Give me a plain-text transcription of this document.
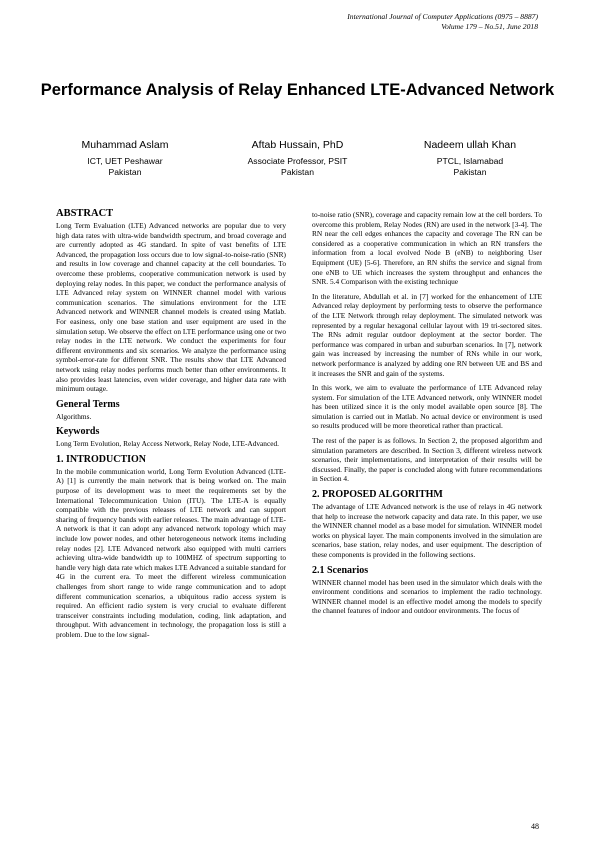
International Journal of Computer Applications (0975 – 8887)
Volume 179 – No.51, June 2018
Performance Analysis of Relay Enhanced LTE-Advanced Network
Muhammad Aslam
ICT, UET Peshawar
Pakistan
Aftab Hussain, PhD
Associate Professor, PSIT
Pakistan
Nadeem ullah Khan
PTCL, Islamabad
Pakistan
ABSTRACT

Long Term Evaluation (LTE) Advanced networks are popular due to very high data rates with ultra-wide bandwidth spectrum, and broad coverage and are currently adopted as 4G standard. In spite of vast benefits of LTE Advanced, the propagation loss occurs due to low signal-to-noise-ratio (SNR) and results in low coverage and channel capacity at the cell boundaries. To overcome these problems, cooperative communication network is used by deploying relay nodes. In this paper, we conduct the performance analysis of LTE Advanced relay system on WINNER channel model with various communication scenarios. The simulations environment for the LTE Advanced network and WINNER channel models is created using Matlab. For easiness, only one base station and user equipment are used in the simulation setup. We observe the effect on LTE performance using one or two relay nodes in the LTE network. We conduct the experiments for four different environments and six scenarios. We analyze the performance using symbol-error-rate for different SNR. The results show that LTE Advanced network using relay nodes performs much better than other environments. It also provides least latencies, even wider coverage, and higher data rate with minimum outage.

General Terms

Algorithms.

Keywords

Long Term Evolution, Relay Access Network, Relay Node, LTE-Advanced.

1. INTRODUCTION

In the mobile communication world, Long Term Evolution Advanced (LTE-A) [1] is currently the main network that is being worked on. The main purpose of its development was to meet the requirements set by the International Telecommunication Union (ITU). The LTE-A is equally compatible with the previous releases of LTE network and can support sharing of frequency bands with earlier releases. The main advantage of LTE-A network is that it can adopt any advanced network topology which may include low power nodes, and other heterogeneous network items including relay nodes [2]. LTE Advanced network also equipped with multi carriers achieving ultra-wide bandwidth up to 100MHZ of spectrum supporting to handle very high data rate which makes LTE Advanced a suitable standard for 4G in the current era. To meet the different wireless communication challenges from short range to wide range communication and to adopt different communication scenarios, a ubiquitous radio access system is required. An efficient radio system is very crucial to evaluate different transceiver constraints including modulation, coding, link adaptation, and throughput. With advancement in technology, the propagation loss is still a problem. Due to the low signal-

to-noise ratio (SNR), coverage and capacity remain low at the cell borders. To overcome this problem, Relay Nodes (RN) are used in the network [3-4]. The RN near the cell edges enhances the capacity and coverage The RN can be considered as a cooperative communication in which an RN transfers the information from a local evolved Node B (eNB) to neighboring User Equipment (UE) [5-6]. Therefore, an RN shifts the service and signal from one eNB to UE which increases the system throughput and enhances the SNR. 5.4 Comparison with the existing technique

In the literature, Abdullah et al. in [7] worked for the enhancement of LTE Advanced relay deployment by performing tests to observe the performance of the LTE Network through relay deployment. The simulated network was represented by a regular hexagonal cellular layout with 19 tri-sectored sites. The RNs admit regular outdoor deployment at the sector border. The performance was compared in urban and suburban scenarios. In [7], network gain was increased by increasing the number of RNs while in our work, network performance is analyzed by adding one RN between UE and BS and it increases the SNR and gain of the systems.

In this work, we aim to evaluate the performance of LTE Advanced relay system. For simulation of the LTE Advanced network, only WINNER model has been utilized since it is the only model available open source [8]. The simulation is carried out in Matlab. No actual device or environment is used so results produced will be more theoretical rather than practical.

The rest of the paper is as follows. In Section 2, the proposed algorithm and simulation parameters are described. In Section 3, different wireless network scenarios, their implementations, and interpretation of their results will be discussed. Finally, the paper is concluded along with future recommendations in Section 4.

2. PROPOSED ALGORITHM

The advantage of LTE Advanced network is the use of relays in 4G network that help to increase the network capacity and data rate. In this paper, we use the WINNER channel model as a base model for simulation. WINNER model works on physical layer. The main components involved in the simulation are scenarios, base station, relay nodes, and user equipment. The description of these components is provided in the following sections.

2.1 Scenarios

WINNER channel model has been used in the simulator which deals with the environment conditions and scenarios to implement the radio technology. WINNER channel model is an effective model among the models to specify the channel features of indoor and outdoor environments. The focus of

48
